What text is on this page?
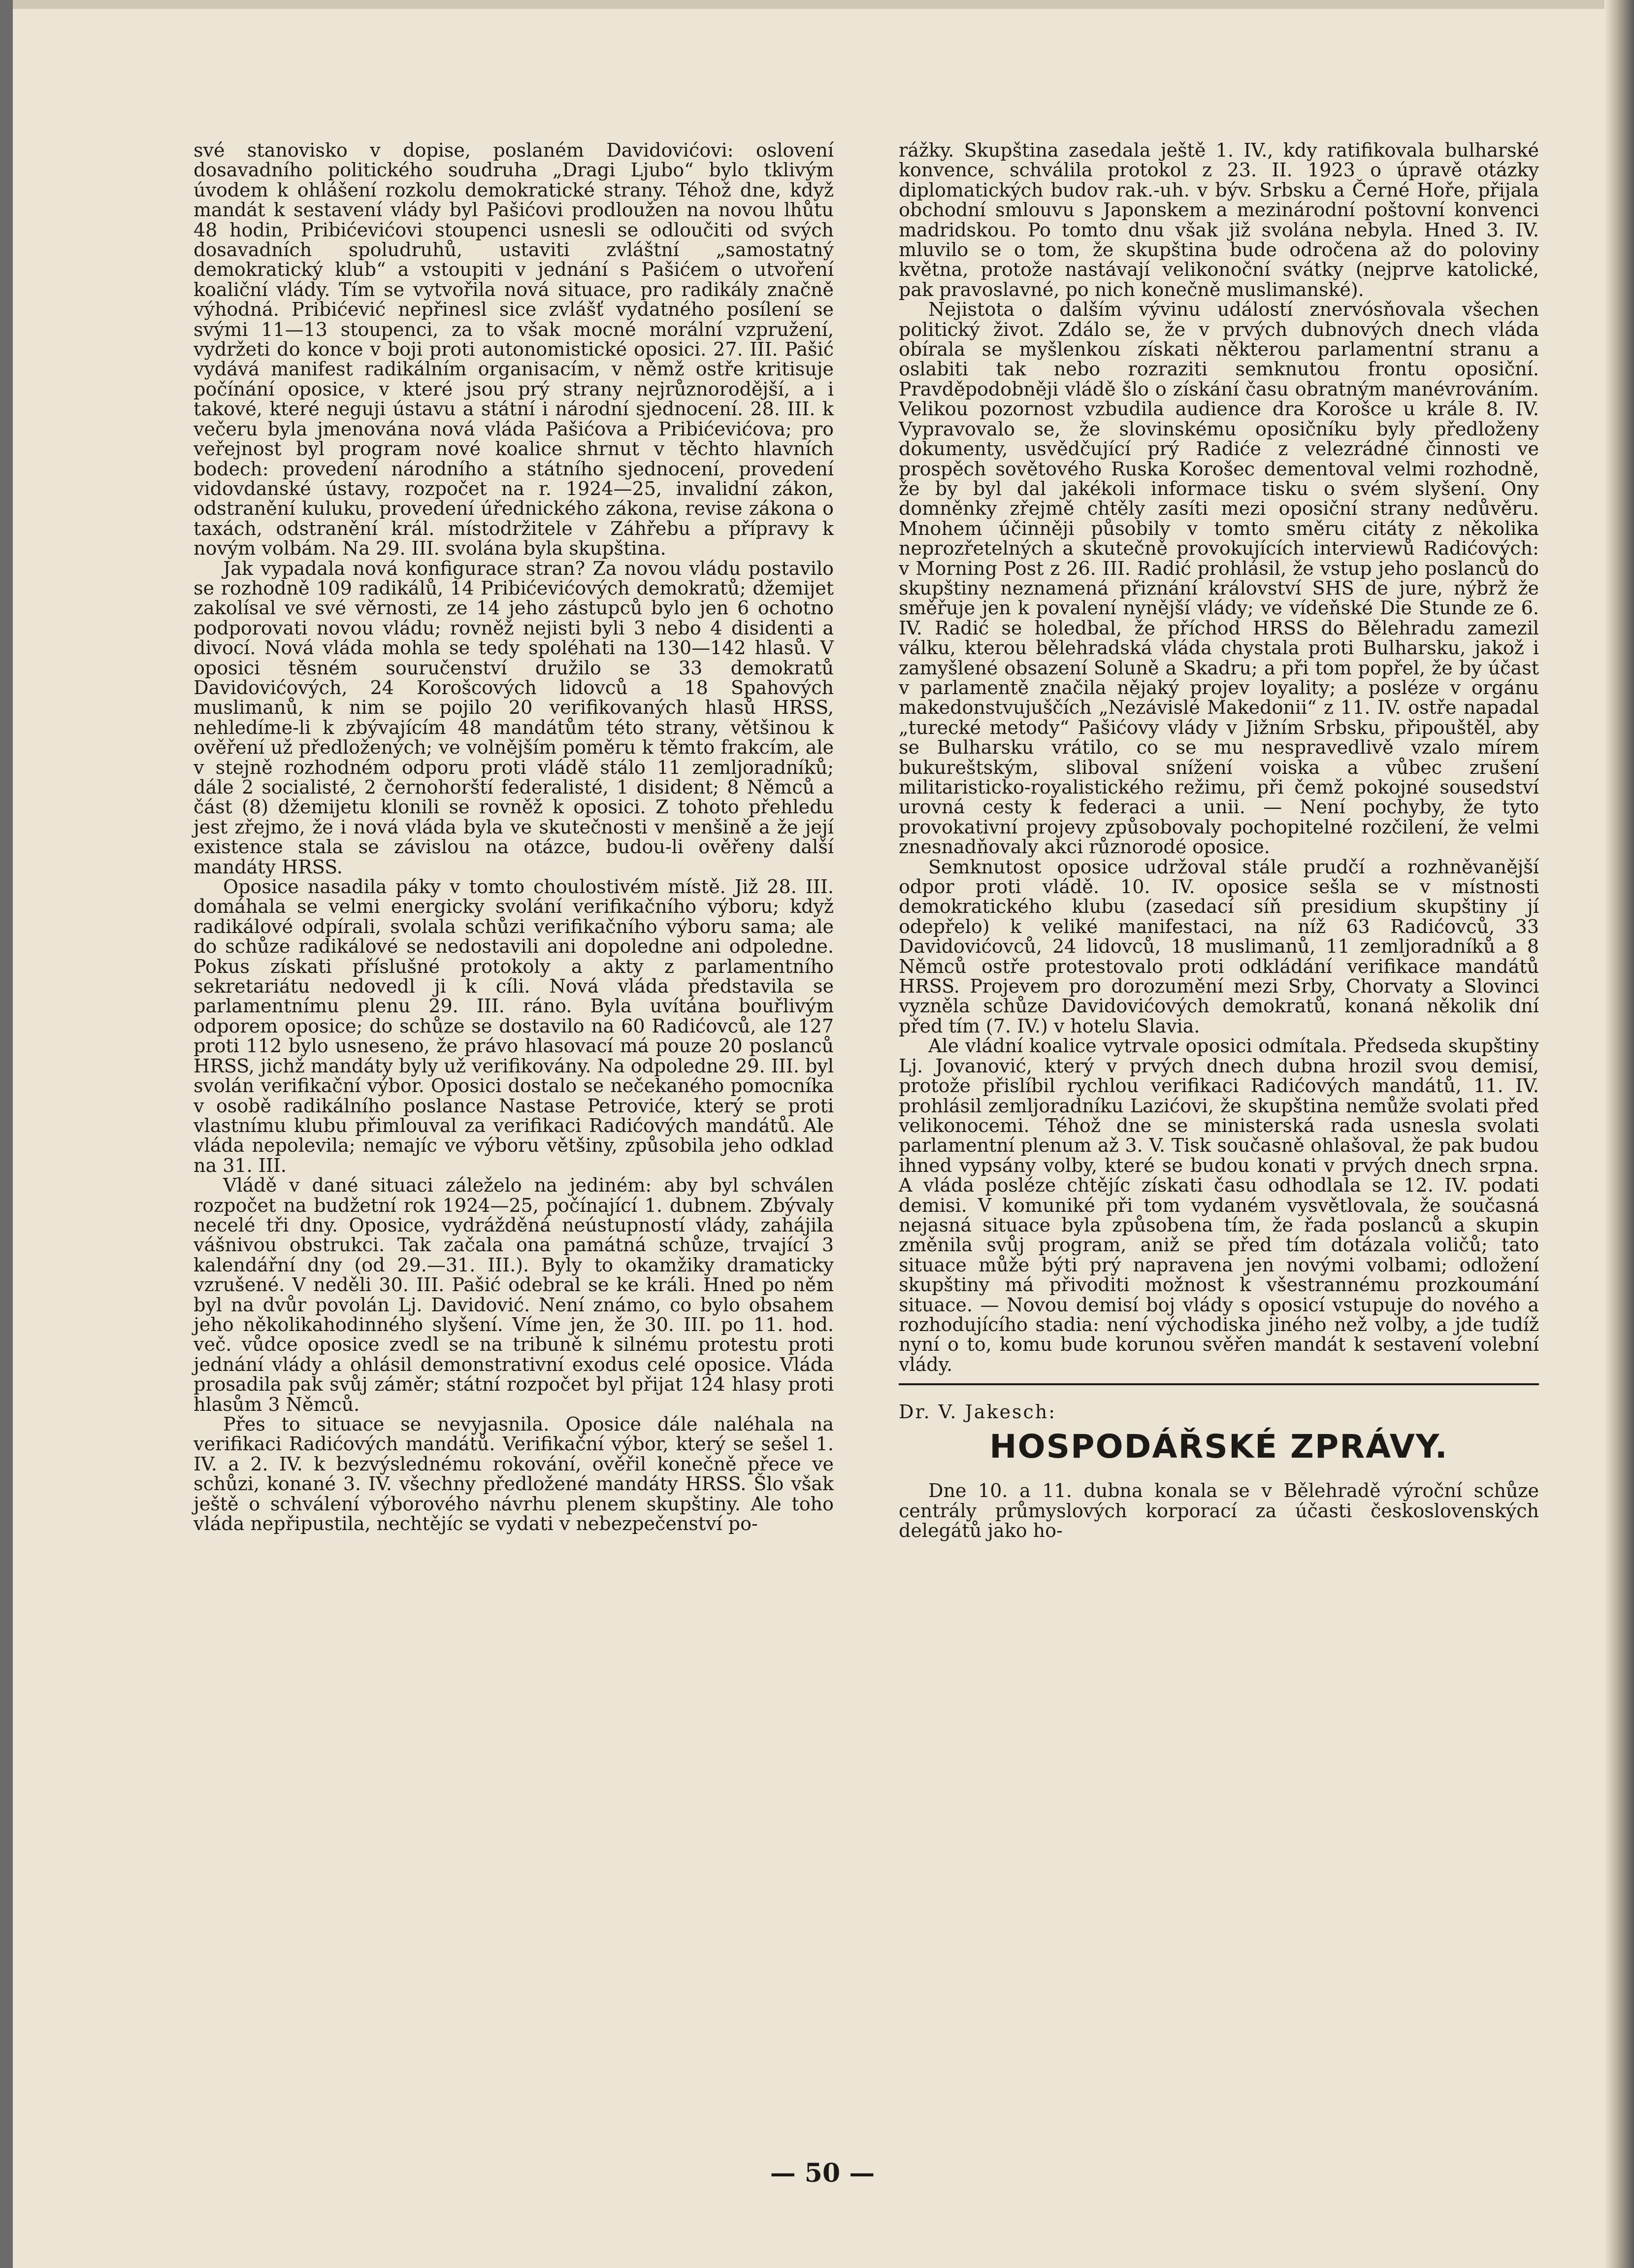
své stanovisko v dopise, poslaném Davidovićovi: oslovení dosavadního politického soudruha „Dragi Ljubo“ bylo tklivým úvodem k ohlášení rozkolu demokratické strany. Téhož dne, když mandát k sestavení vlády byl Pašićovi prodloužen na novou lhůtu 48 hodin, Pribićevićovi stoupenci usnesli se odloučiti od svých dosavadních spoludruhů, ustaviti zvláštní „samostatný demokratický klub“ a vstoupiti v jednání s Pašićem o utvoření koaliční vlády. Tím se vytvořila nová situace, pro radikály značně výhodná. Pribićević nepřinesl sice zvlášť vydatného posílení se svými 11—13 stoupenci, za to však mocné morální vzpružení, vydržeti do konce v boji proti autonomistické oposici. 27. III. Pašić vydává manifest radikálním organisacím, v němž ostře kritisuje počínání oposice, v které jsou prý strany nejrůznorodější, a i takové, které neguji ústavu a státní i národní sjednocení. 28. III. k večeru byla jmenována nová vláda Pašićova a Pribićevićova; pro veřejnost byl program nové koalice shrnut v těchto hlavních bodech: provedení národního a státního sjednocení, provedení vidovdanské ústavy, rozpočet na r. 1924—25, invalidní zákon, odstranění kuluku, provedení úřednického zákona, revise zákona o taxách, odstranění král. místodržitele v Záhřebu a přípravy k novým volbám. Na 29. III. svolána byla skupština.

Jak vypadala nová konfigurace stran? Za novou vládu postavilo se rozhodně 109 radikálů, 14 Pribićevićových demokratů; džemijet zakolísal ve své věrnosti, ze 14 jeho zástupců bylo jen 6 ochotno podporovati novou vládu; rovněž nejisti byli 3 nebo 4 disidenti a divocí. Nová vláda mohla se tedy spoléhati na 130—142 hlasů. V oposici těsném souručenství družilo se 33 demokratů Davidovićových, 24 Korošcových lidovců a 18 Spahových muslimanů, k nim se pojilo 20 verifikovaných hlasů HRSS, nehledíme-li k zbývajícím 48 mandátům této strany, většinou k ověření už předložených; ve volnějším poměru k těmto frakcím, ale v stejně rozhodném odporu proti vládě stálo 11 zemljoradníků; dále 2 socialisté, 2 černohorští federalisté, 1 disident; 8 Němců a část (8) džemijetu klonili se rovněž k oposici. Z tohoto přehledu jest zřejmo, že i nová vláda byla ve skutečnosti v menšině a že její existence stala se závislou na otázce, budou-li ověřeny další mandáty HRSS.

Oposice nasadila páky v tomto choulostivém místě. Již 28. III. domáhala se velmi energicky svolání verifikačního výboru; když radikálové odpírali, svolala schůzi verifikačního výboru sama; ale do schůze radikálové se nedostavili ani dopoledne ani odpoledne. Pokus získati příslušné protokoly a akty z parlamentního sekretariátu nedovedl ji k cíli. Nová vláda představila se parlamentnímu plenu 29. III. ráno. Byla uvítána bouřlivým odporem oposice; do schůze se dostavilo na 60 Radićovců, ale 127 proti 112 bylo usneseno, že právo hlasovací má pouze 20 poslanců HRSS, jichž mandáty byly už verifikovány. Na odpoledne 29. III. byl svolán verifikační výbor. Oposici dostalo se nečekaného pomocníka v osobě radikálního poslance Nastase Petroviće, který se proti vlastnímu klubu přimlouval za verifikaci Radićových mandátů. Ale vláda nepolevila; nemajíc ve výboru většiny, způsobila jeho odklad na 31. III.

Vládě v dané situaci záleželo na jediném: aby byl schválen rozpočet na budžetní rok 1924—25, počínající 1. dubnem. Zbývaly necelé tři dny. Oposice, vydrážděná neústupností vlády, zahájila vášnivou obstrukci. Tak začala ona památná schůze, trvající 3 kalendářní dny (od 29.—31. III.). Byly to okamžiky dramaticky vzrušené. V neděli 30. III. Pašić odebral se ke králi. Hned po něm byl na dvůr povolán Lj. Davidović. Není známo, co bylo obsahem jeho několikahodinného slyšení. Víme jen, že 30. III. po 11. hod. več. vůdce oposice zvedl se na tribuně k silnému protestu proti jednání vlády a ohlásil demonstrativní exodus celé oposice. Vláda prosadila pak svůj záměr; státní rozpočet byl přijat 124 hlasy proti hlasům 3 Němců.

Přes to situace se nevyjasnila. Oposice dále naléhala na verifikaci Radićových mandátů. Verifikační výbor, který se sešel 1. IV. a 2. IV. k bezvýslednému rokování, ověřil konečně přece ve schůzi, konané 3. IV. všechny předložené mandáty HRSS. Šlo však ještě o schválení výborového návrhu plenem skupštiny. Ale toho vláda nepřipustila, nechtějíc se vydati v nebezpečenství po-

rážky. Skupština zasedala ještě 1. IV., kdy ratifikovala bulharské konvence, schválila protokol z 23. II. 1923 o úpravě otázky diplomatických budov rak.-uh. v býv. Srbsku a Černé Hoře, přijala obchodní smlouvu s Japonskem a mezinárodní poštovní konvenci madridskou. Po tomto dnu však již svolána nebyla. Hned 3. IV. mluvilo se o tom, že skupština bude odročena až do poloviny května, protože nastávají velikonoční svátky (nejprve katolické, pak pravoslavné, po nich konečně muslimanské).

Nejistota o dalším vývinu událostí znervósňovala všechen politický život. Zdálo se, že v prvých dubnových dnech vláda obírala se myšlenkou získati některou parlamentní stranu a oslabiti tak nebo rozraziti semknutou frontu oposiční. Pravděpodobněji vládě šlo o získání času obratným manévrováním. Velikou pozornost vzbudila audience dra Korošce u krále 8. IV. Vypravovalo se, že slovinskému oposičníku byly předloženy dokumenty, usvědčující prý Radiće z velezrádné činnosti ve prospěch sovětového Ruska Korošec dementoval velmi rozhodně, že by byl dal jakékoli informace tisku o svém slyšení. Ony domněnky zřejmě chtěly zasíti mezi oposiční strany nedůvěru. Mnohem účinněji působily v tomto směru citáty z několika neprozřetelných a skutečně provokujících interviewů Radićových: v Morning Post z 26. III. Radić prohlásil, že vstup jeho poslanců do skupštiny neznamená přiznání království SHS de jure, nýbrž že směřuje jen k povalení nynější vlády; ve vídeňské Die Stunde ze 6. IV. Radić se holedbal, že příchod HRSS do Bělehradu zamezil válku, kterou bělehradská vláda chystala proti Bulharsku, jakož i zamyšlené obsazení Soluně a Skadru; a při tom popřel, že by účast v parlamentě značila nějaký projev loyality; a posléze v orgánu makedonstvujuščích „Nezávislé Makedonii“ z 11. IV. ostře napadal „turecké metody“ Pašićovy vlády v Jižním Srbsku, připouštěl, aby se Bulharsku vrátilo, co se mu nespravedlivě vzalo mírem bukureštským, sliboval snížení voiska a vůbec zrušení militaristicko-royalistického režimu, při čemž pokojné sousedství urovná cesty k federaci a unii. — Není pochyby, že tyto provokativní projevy způsobovaly pochopitelné rozčilení, že velmi znesnadňovaly akci různorodé oposice.

Semknutost oposice udržoval stále prudčí a rozhněvanější odpor proti vládě. 10. IV. oposice sešla se v místnosti demokratického klubu (zasedací síň presidium skupštiny jí odepřelo) k veliké manifestaci, na níž 63 Radićovců, 33 Davidovićovců, 24 lidovců, 18 muslimanů, 11 zemljoradníků a 8 Němců ostře protestovalo proti odkládání verifikace mandátů HRSS. Projevem pro dorozumění mezi Srby, Chorvaty a Slovinci vyzněla schůze Davidovićových demokratů, konaná několik dní před tím (7. IV.) v hotelu Slavia.

Ale vládní koalice vytrvale oposici odmítala. Předseda skupštiny Lj. Jovanović, který v prvých dnech dubna hrozil svou demisí, protože přislíbil rychlou verifikaci Radićových mandátů, 11. IV. prohlásil zemljoradníku Lazićovi, že skupština nemůže svolati před velikonocemi. Téhož dne se ministerská rada usnesla svolati parlamentní plenum až 3. V. Tisk současně ohlašoval, že pak budou ihned vypsány volby, které se budou konati v prvých dnech srpna. A vláda posléze chtějíc získati času odhodlala se 12. IV. podati demisi. V komuniké při tom vydaném vysvětlovala, že současná nejasná situace byla způsobena tím, že řada poslanců a skupin změnila svůj program, aniž se před tím dotázala voličů; tato situace může býti prý napravena jen novými volbami; odložení skupštiny má přivoditi možnost k všestrannému prozkoumání situace. — Novou demisí boj vlády s oposicí vstupuje do nového a rozhodujícího stadia: není východiska jiného než volby, a jde tudíž nyní o to, komu bude korunou svěřen mandát k sestavení volební vlády.

Dr. V. Jakesch:

HOSPODÁŘSKÉ ZPRÁVY.

Dne 10. a 11. dubna konala se v Bělehradě výroční schůze centrály průmyslových korporací za účasti československých delegátů jako ho-

— 50 —
